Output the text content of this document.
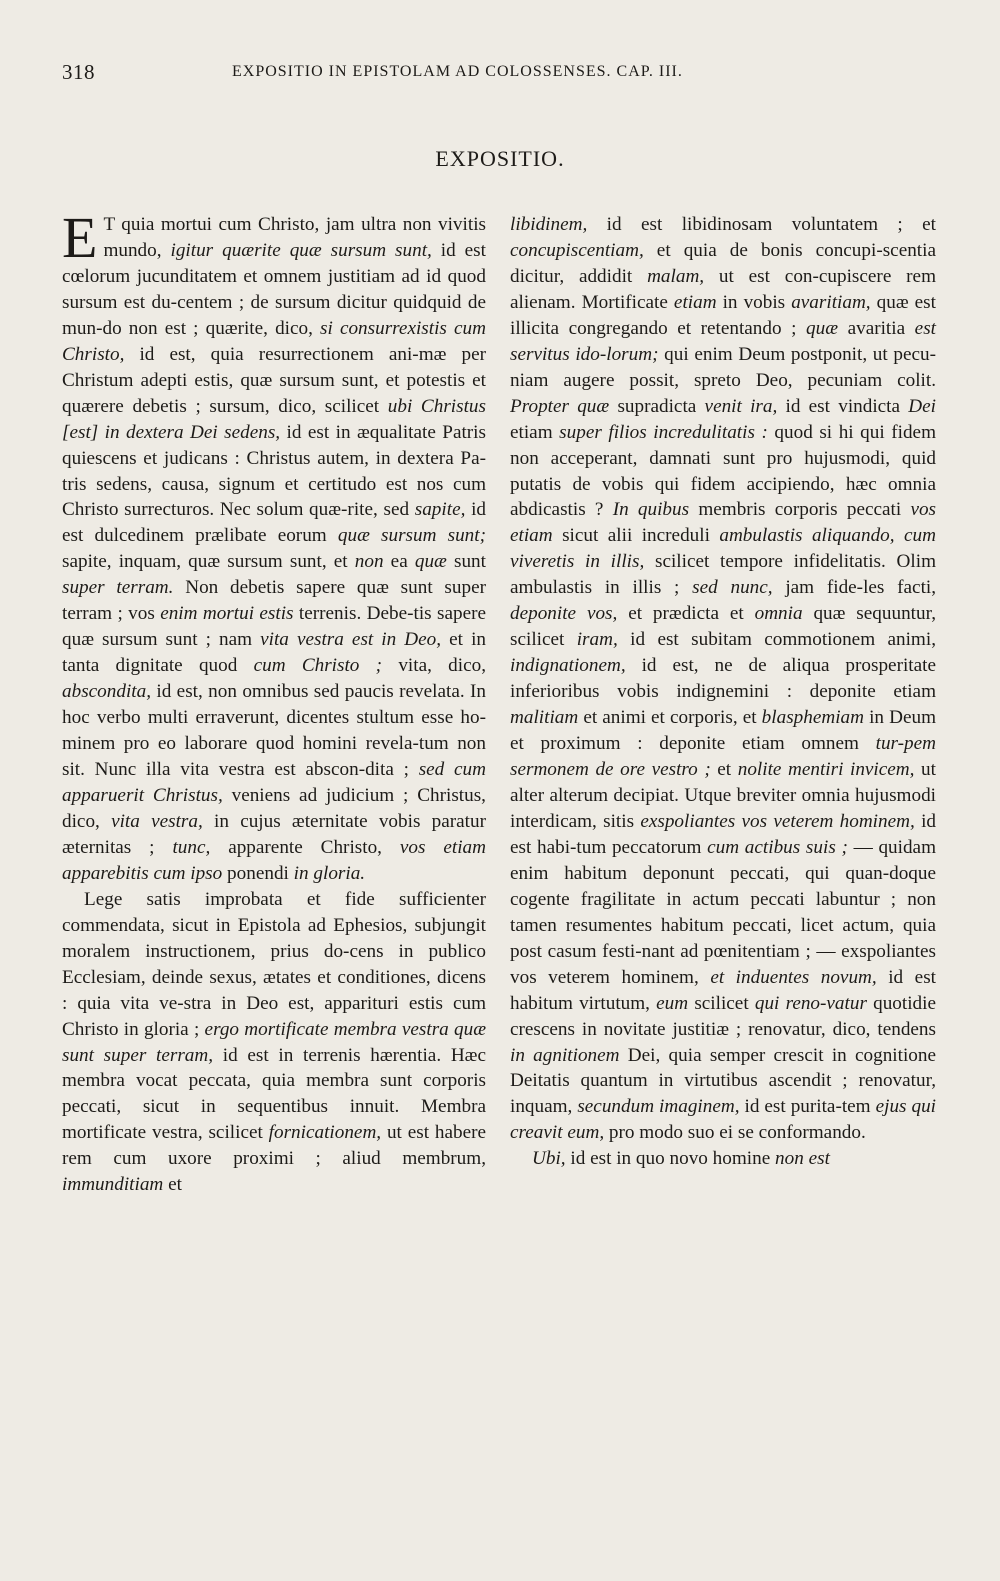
318	EXPOSITIO IN EPISTOLAM AD COLOSSENSES. CAP. III.
EXPOSITIO.

E T quia mortui cum Christo, jam ultra non vivitis mundo, igitur quærite quæ sursum sunt, id est cœlorum jucunditatem et omnem justitiam ad id quod sursum est du-centem ; de sursum dicitur quidquid de mun-do non est ; quærite, dico, si consurrexistis cum Christo, id est, quia resurrectionem ani-mæ per Christum adepti estis, quæ sursum sunt, et potestis et quærere debetis ; sursum, dico, scilicet ubi Christus [est] in dextera Dei sedens, id est in æqualitate Patris quiescens et judicans : Christus autem, in dextera Pa-tris sedens, causa, signum et certitudo est nos cum Christo surrecturos. Nec solum quæ-rite, sed sapite, id est dulcedinem prælibate eorum quæ sursum sunt; sapite, inquam, quæ sursum sunt, et non ea quæ sunt super terram. Non debetis sapere quæ sunt super terram ; vos enim mortui estis terrenis. Debe-tis sapere quæ sursum sunt ; nam vita vestra est in Deo, et in tanta dignitate quod cum Christo ; vita, dico, abscondita, id est, non omnibus sed paucis revelata. In hoc verbo multi erraverunt, dicentes stultum esse ho-minem pro eo laborare quod homini revela-tum non sit. Nunc illa vita vestra est abscon-dita ; sed cum apparuerit Christus, veniens ad judicium ; Christus, dico, vita vestra, in cujus æternitate vobis paratur æternitas ; tunc, apparente Christo, vos etiam apparebitis cum ipso ponendi in gloria.

Lege satis improbata et fide sufficienter commendata, sicut in Epistola ad Ephesios, subjungit moralem instructionem, prius do-cens in publico Ecclesiam, deinde sexus, ætates et conditiones, dicens : quia vita ve-stra in Deo est, apparituri estis cum Christo in gloria ; ergo mortificate membra vestra quæ sunt super terram, id est in terrenis hærentia. Hæc membra vocat peccata, quia membra sunt corporis peccati, sicut in sequentibus innuit. Membra mortificate vestra, scilicet fornicationem, ut est habere rem cum uxore proximi ; aliud membrum, immunditiam et

libidinem, id est libidinosam voluntatem ; et concupiscentiam, et quia de bonis concupi-scentia dicitur, addidit malam, ut est con-cupiscere rem alienam. Mortificate etiam in vobis avaritiam, quæ est illicita congregando et retentando ; quæ avaritia est servitus ido-lorum; qui enim Deum postponit, ut pecu-niam augere possit, spreto Deo, pecuniam colit. Propter quæ supradicta venit ira, id est vindicta Dei etiam super filios incredulitatis : quod si hi qui fidem non acceperant, damnati sunt pro hujusmodi, quid putatis de vobis qui fidem accipiendo, hæc omnia abdicastis ? In quibus membris corporis peccati vos etiam sicut alii increduli ambulastis aliquando, cum viveretis in illis, scilicet tempore infidelitatis. Olim ambulastis in illis ; sed nunc, jam fide-les facti, deponite vos, et prædicta et omnia quæ sequuntur, scilicet iram, id est subitam commotionem animi, indignationem, id est, ne de aliqua prosperitate inferioribus vobis indignemini : deponite etiam malitiam et animi et corporis, et blasphemiam in Deum et proximum : deponite etiam omnem tur-pem sermonem de ore vestro ; et nolite mentiri invicem, ut alter alterum decipiat. Utque breviter omnia hujusmodi interdicam, sitis exspoliantes vos veterem hominem, id est habi-tum peccatorum cum actibus suis ; — quidam enim habitum deponunt peccati, qui quan-doque cogente fragilitate in actum peccati labuntur ; non tamen resumentes habitum peccati, licet actum, quia post casum festi-nant ad pœnitentiam ; — exspoliantes vos veterem hominem, et induentes novum, id est habitum virtutum, eum scilicet qui reno-vatur quotidie crescens in novitate justitiæ ; renovatur, dico, tendens in agnitionem Dei, quia semper crescit in cognitione Deitatis quantum in virtutibus ascendit ; renovatur, inquam, secundum imaginem, id est purita-tem ejus qui creavit eum, pro modo suo ei se conformando.

Ubi, id est in quo novo homine non est
